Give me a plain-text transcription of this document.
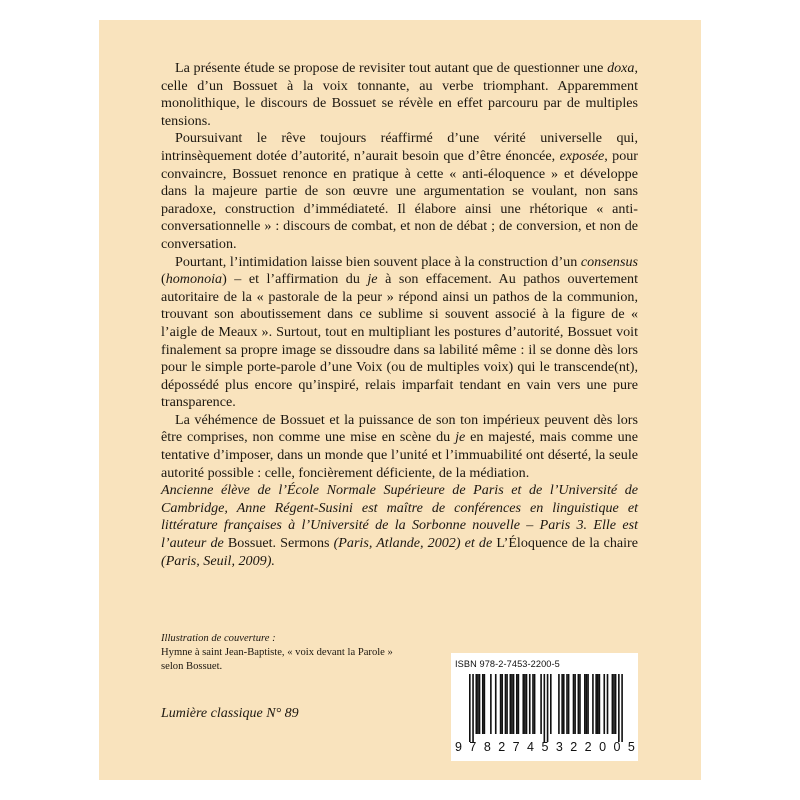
La présente étude se propose de revisiter tout autant que de questionner une doxa, celle d’un Bossuet à la voix tonnante, au verbe triomphant. Apparemment monolithique, le discours de Bossuet se révèle en effet parcouru par de multiples tensions.

Poursuivant le rêve toujours réaffirmé d’une vérité universelle qui, intrinsèquement dotée d’autorité, n’aurait besoin que d’être énoncée, exposée, pour convaincre, Bossuet renonce en pratique à cette « anti-éloquence » et développe dans la majeure partie de son œuvre une argumentation se voulant, non sans paradoxe, construction d’immédiateté. Il élabore ainsi une rhétorique « anti-conversationnelle » : discours de combat, et non de débat ; de conversion, et non de conversation.

Pourtant, l’intimidation laisse bien souvent place à la construction d’un consensus (homonoia) – et l’affirmation du je à son effacement. Au pathos ouvertement autoritaire de la « pastorale de la peur » répond ainsi un pathos de la communion, trouvant son aboutissement dans ce sublime si souvent associé à la figure de « l’aigle de Meaux ». Surtout, tout en multipliant les postures d’autorité, Bossuet voit finalement sa propre image se dissoudre dans sa labilité même : il se donne dès lors pour le simple porte-parole d’une Voix (ou de multiples voix) qui le transcende(nt), dépossédé plus encore qu’inspiré, relais imparfait tendant en vain vers une pure transparence.

La véhémence de Bossuet et la puissance de son ton impérieux peuvent dès lors être comprises, non comme une mise en scène du je en majesté, mais comme une tentative d’imposer, dans un monde que l’unité et l’immuabilité ont déserté, la seule autorité possible : celle, foncièrement déficiente, de la médiation.

Ancienne élève de l’École Normale Supérieure de Paris et de l’Université de Cambridge, Anne Régent-Susini est maître de conférences en linguistique et littérature françaises à l’Université de la Sorbonne nouvelle – Paris 3. Elle est l’auteur de Bossuet. Sermons (Paris, Atlande, 2002) et de L’Éloquence de la chaire (Paris, Seuil, 2009).

Illustration de couverture :
Hymne à saint Jean-Baptiste, « voix devant la Parole »
selon Bossuet.
Lumière classique N° 89
ISBN 978-2-7453-2200-5
9 7 8 2 7 4 5 3 2 2 0 0 5
